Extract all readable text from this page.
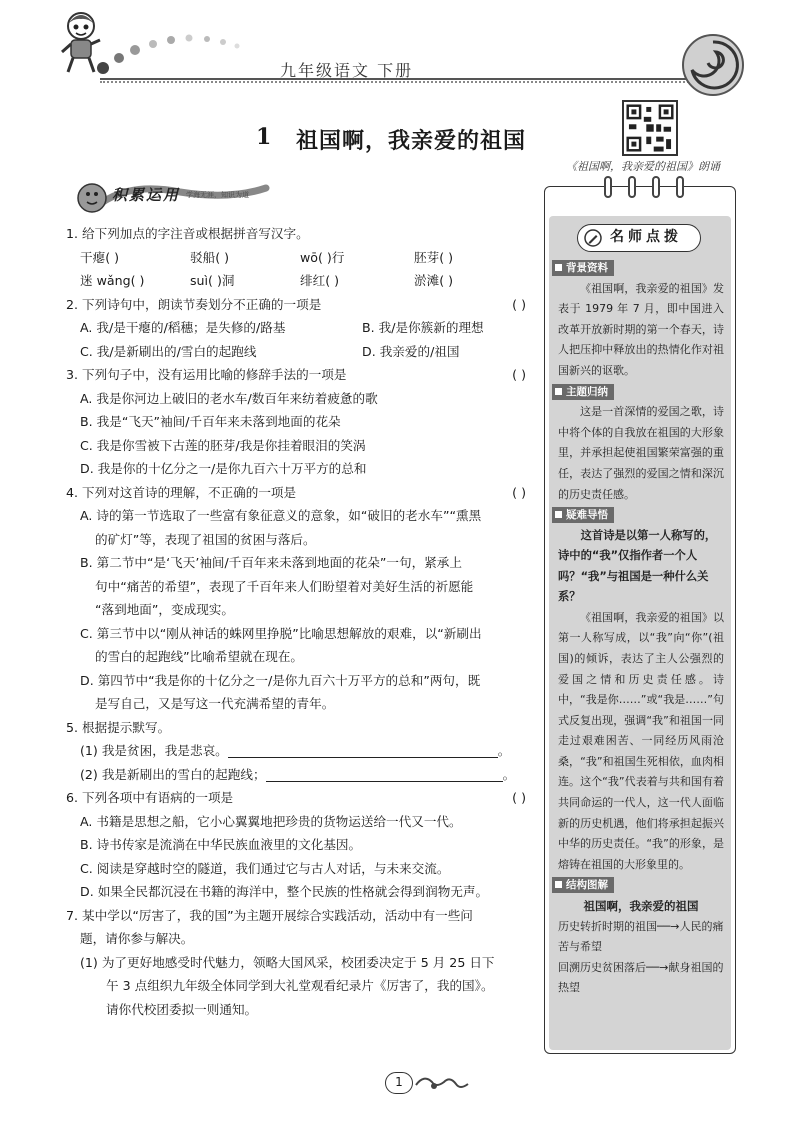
九年级语文 下册
1 祖国啊，我亲爱的祖国
《祖国啊，我亲爱的祖国》朗诵
积累运用 学海无涯，知识为道
1. 给下列加点的字注音或根据拼音写汉字。
干瘪( )	驳船( )	wō( )行	胚芽( )
迷 wǎng( )	suì( )洞	绯红( )	淤滩( )
2. 下列诗句中，朗读节奏划分不正确的一项是	( )
A. 我/是干瘪的/稻穗；是失修的/路基	B. 我/是你簇新的理想
C. 我/是新刷出的/雪白的起跑线	D. 我亲爱的/祖国
3. 下列句子中，没有运用比喻的修辞手法的一项是	( )
A. 我是你河边上破旧的老水车/数百年来纺着疲惫的歌
B. 我是“飞天”袖间/千百年来未落到地面的花朵
C. 我是你雪被下古莲的胚芽/我是你挂着眼泪的笑涡
D. 我是你的十亿分之一/是你九百六十万平方的总和
4. 下列对这首诗的理解，不正确的一项是	( )
A. 诗的第一节选取了一些富有象征意义的意象，如“破旧的老水车”“熏黑
的矿灯”等，表现了祖国的贫困与落后。
B. 第二节中“是‘飞天’袖间/千百年来未落到地面的花朵”一句，紧承上
句中“痛苦的希望”，表现了千百年来人们盼望着对美好生活的祈愿能
“落到地面”，变成现实。
C. 第三节中以“刚从神话的蛛网里挣脱”比喻思想解放的艰难，以“新刷出
的雪白的起跑线”比喻希望就在现在。
D. 第四节中“我是你的十亿分之一/是你九百六十万平方的总和”两句，既
是写自己，又是写这一代充满希望的青年。
5. 根据提示默写。
(1) 我是贫困，我是悲哀。	。
(2) 我是新刷出的雪白的起跑线；	。
6. 下列各项中有语病的一项是	( )
A. 书籍是思想之船，它小心翼翼地把珍贵的货物运送给一代又一代。
B. 诗书传家是流淌在中华民族血液里的文化基因。
C. 阅读是穿越时空的隧道，我们通过它与古人对话，与未来交流。
D. 如果全民都沉浸在书籍的海洋中，整个民族的性格就会得到润物无声。
7. 某中学以“厉害了，我的国”为主题开展综合实践活动，活动中有一些问
题，请你参与解决。
(1) 为了更好地感受时代魅力，领略大国风采，校团委决定于 5 月 25 日下
午 3 点组织九年级全体同学到大礼堂观看纪录片《厉害了，我的国》。
请你代校团委拟一则通知。
名师点拨
背景资料
《祖国啊，我亲爱的祖国》发表于 1979 年 7 月，即中国进入改革开放新时期的第一个春天，诗人把压抑中释放出的热情化作对祖国新兴的讴歌。
主题归纳
这是一首深情的爱国之歌，诗中将个体的自我放在祖国的大形象里，并承担起使祖国繁荣富强的重任，表达了强烈的爱国之情和深沉的历史责任感。
疑难导悟
这首诗是以第一人称写的，诗中的“我”仅指作者一个人吗？“我”与祖国是一种什么关系？
《祖国啊，我亲爱的祖国》以第一人称写成，以“我”向“你”(祖国)的倾诉，表达了主人公强烈的爱国之情和历史责任感。诗中，“我是你……”或“我是……”句式反复出现，强调“我”和祖国一同走过艰难困苦、一同经历风雨沧桑，“我”和祖国生死相依，血肉相连。这个“我”代表着与共和国有着共同命运的一代人，这一代人面临新的历史机遇，他们将承担起振兴中华的历史责任。“我”的形象，是熔铸在祖国的大形象里的。
结构图解
祖国啊，我亲爱的祖国
历史转折时期的祖国──→人民的痛苦与希望
回溯历史贫困落后──→献身祖国的热望
1
